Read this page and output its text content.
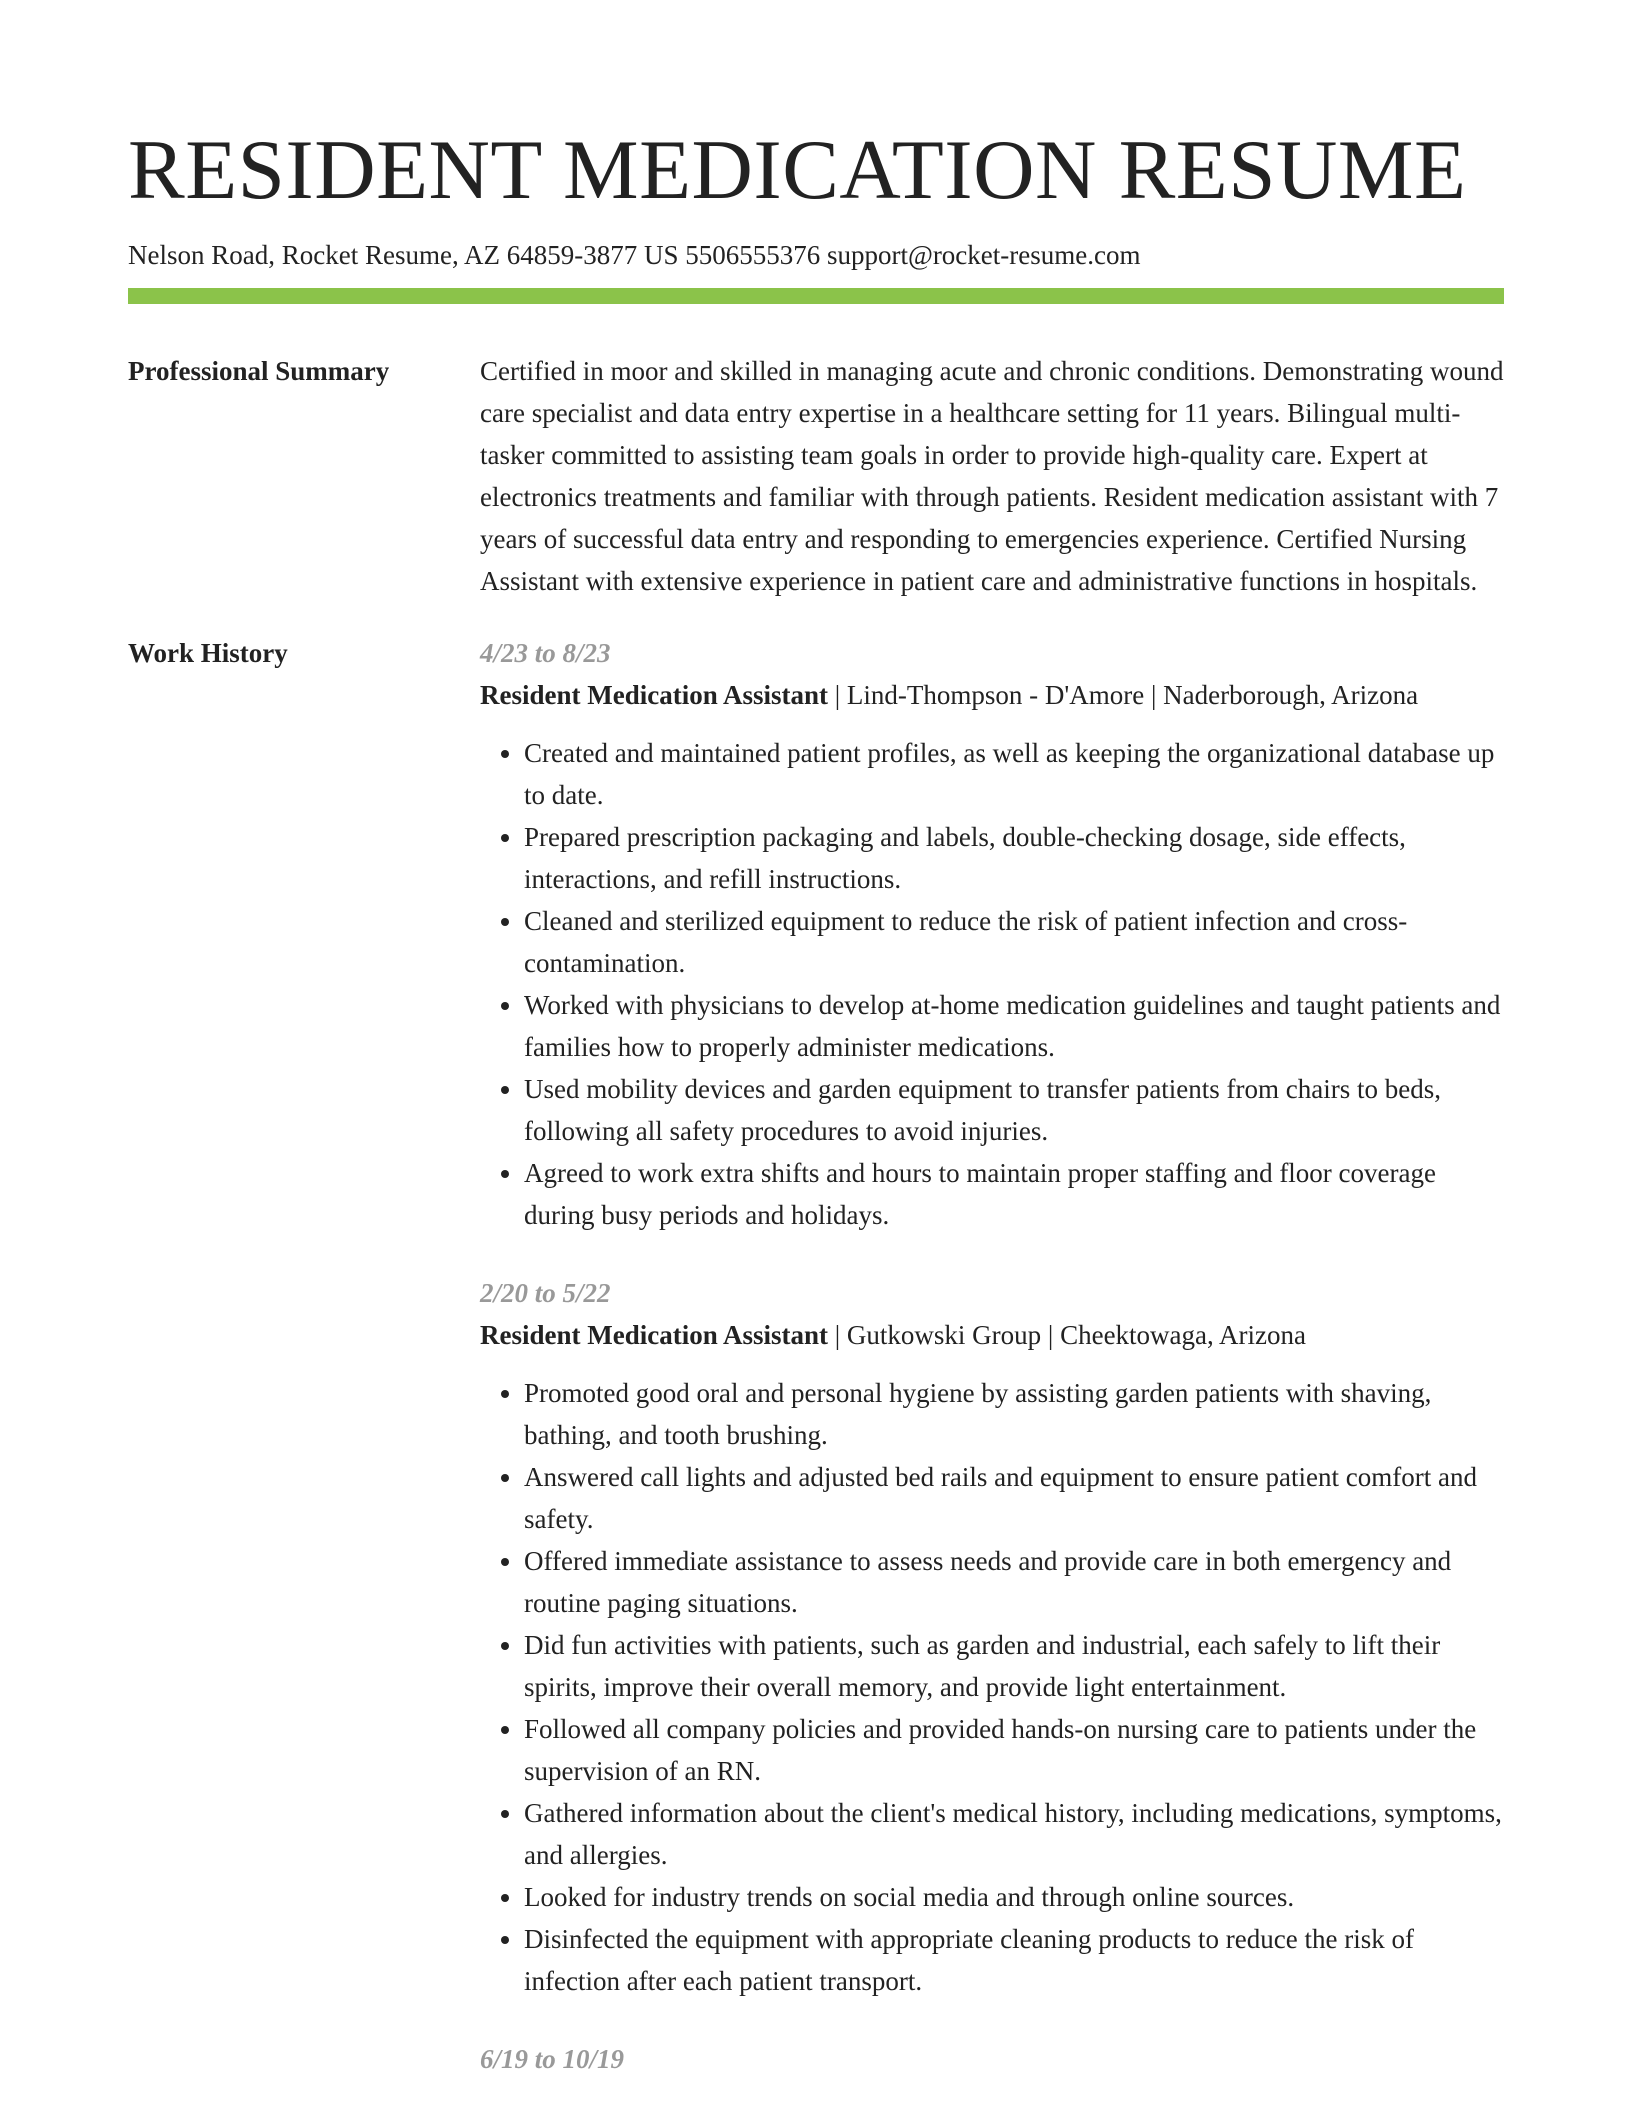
RESIDENT MEDICATION RESUME
Nelson Road, Rocket Resume, AZ 64859-3877 US 5506555376 support@rocket-resume.com
Professional Summary	Certified in moor and skilled in managing acute and chronic conditions. Demonstrating wound care specialist and data entry expertise in a healthcare setting for 11 years. Bilingual multi-tasker committed to assisting team goals in order to provide high-quality care. Expert at electronics treatments and familiar with through patients. Resident medication assistant with 7 years of successful data entry and responding to emergencies experience. Certified Nursing Assistant with extensive experience in patient care and administrative functions in hospitals.

Work History	4/23 to 8/23
Resident Medication Assistant | Lind-Thompson - D'Amore | Naderborough, Arizona
• Created and maintained patient profiles, as well as keeping the organizational database up to date.
• Prepared prescription packaging and labels, double-checking dosage, side effects, interactions, and refill instructions.
• Cleaned and sterilized equipment to reduce the risk of patient infection and cross-contamination.
• Worked with physicians to develop at-home medication guidelines and taught patients and families how to properly administer medications.
• Used mobility devices and garden equipment to transfer patients from chairs to beds, following all safety procedures to avoid injuries.
• Agreed to work extra shifts and hours to maintain proper staffing and floor coverage during busy periods and holidays.
2/20 to 5/22
Resident Medication Assistant | Gutkowski Group | Cheektowaga, Arizona
• Promoted good oral and personal hygiene by assisting garden patients with shaving, bathing, and tooth brushing.
• Answered call lights and adjusted bed rails and equipment to ensure patient comfort and safety.
• Offered immediate assistance to assess needs and provide care in both emergency and routine paging situations.
• Did fun activities with patients, such as garden and industrial, each safely to lift their spirits, improve their overall memory, and provide light entertainment.
• Followed all company policies and provided hands-on nursing care to patients under the supervision of an RN.
• Gathered information about the client's medical history, including medications, symptoms, and allergies.
• Looked for industry trends on social media and through online sources.
• Disinfected the equipment with appropriate cleaning products to reduce the risk of infection after each patient transport.
6/19 to 10/19
